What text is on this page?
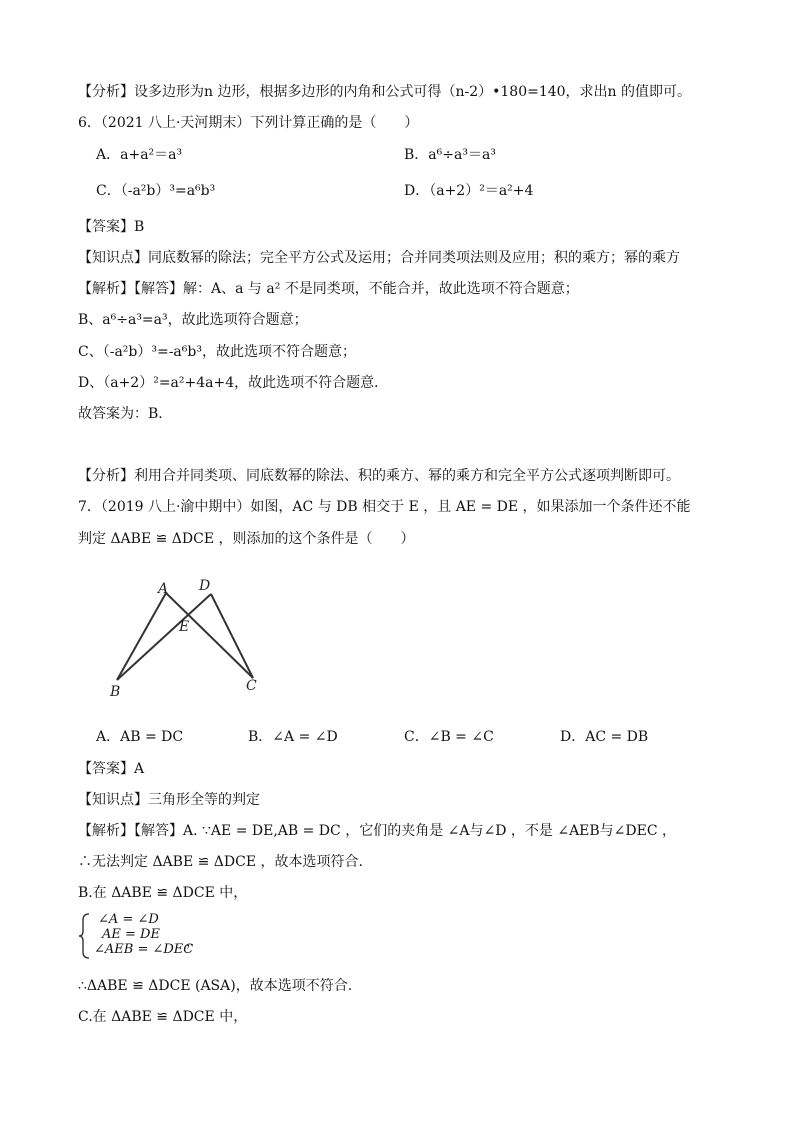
【分析】设多边形为n 边形，根据多边形的内角和公式可得（n-2）•180=140，求出n 的值即可。
6．（2021 八上·天河期末）下列计算正确的是（　　）
A．a+a²＝a³	B．a⁶÷a³＝a³
C．（-a²b）³=a⁶b³	D．（a+2）²＝a²+4
【答案】B
【知识点】同底数幂的除法；完全平方公式及运用；合并同类项法则及应用；积的乘方；幂的乘方
【解析】【解答】解：A、a 与 a² 不是同类项，不能合并，故此选项不符合题意；
B、a⁶÷a³=a³，故此选项符合题意；
C、（-a²b）³=-a⁶b³，故此选项不符合题意；
D、（a+2）²=a²+4a+4，故此选项不符合题意．
故答案为：B．
【分析】利用合并同类项、同底数幂的除法、积的乘方、幂的乘方和完全平方公式逐项判断即可。
7．（2019 八上·渝中期中）如图，AC 与 DB 相交于 E ，且 AE = DE ，如果添加一个条件还不能
判定 ΔABE ≌ ΔDCE ，则添加的这个条件是（　　）
A D
E
B	C
A．AB = DC	B．∠A = ∠D	C．∠B = ∠C	D．AC = DB
【答案】A
【知识点】三角形全等的判定
【解析】【解答】A. ∵AE = DE,AB = DC ，它们的夹角是 ∠A与∠D ，不是 ∠AEB与∠DEC ，
∴无法判定 ΔABE ≌ ΔDCE ，故本选项符合.
B.在 ΔABE ≌ ΔDCE 中，
∠A = ∠D
AE = DE
∠AEB = ∠DEC
，
∴ΔABE ≌ ΔDCE (ASA)，故本选项不符合.
C.在 ΔABE ≌ ΔDCE 中，
